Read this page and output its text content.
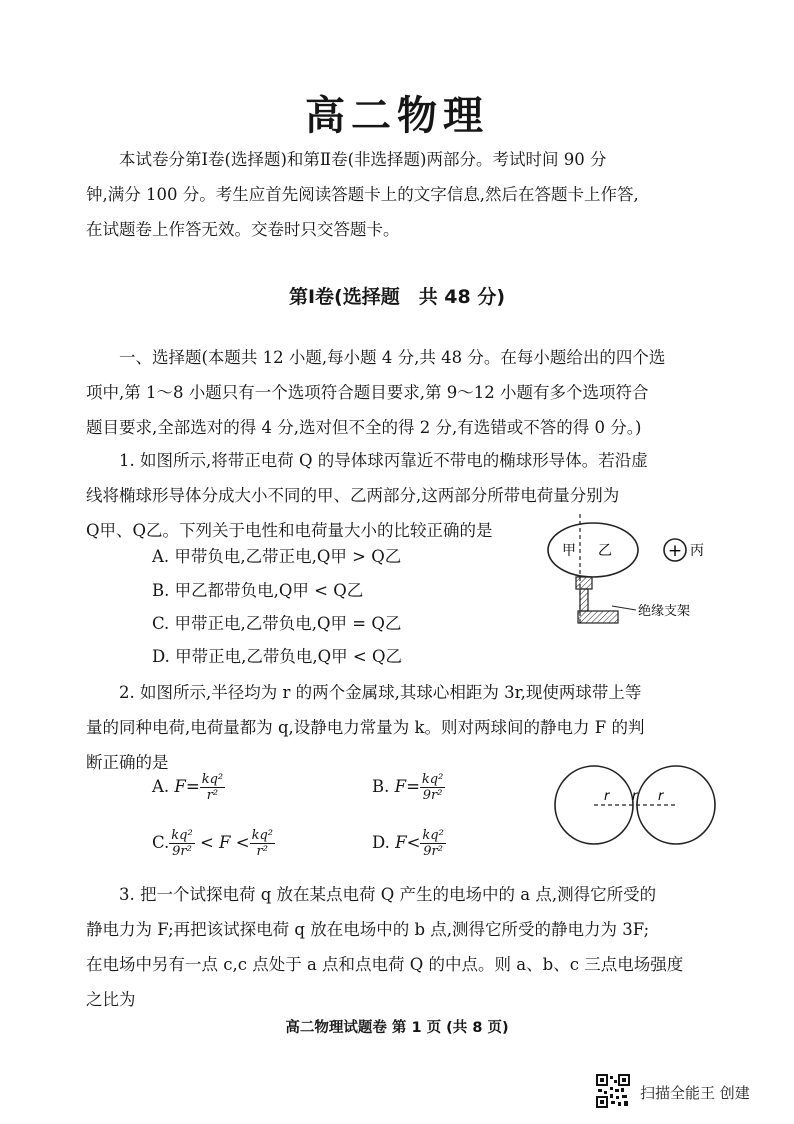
高二物理
本试卷分第Ⅰ卷(选择题)和第Ⅱ卷(非选择题)两部分。考试时间 90 分
钟,满分 100 分。考生应首先阅读答题卡上的文字信息,然后在答题卡上作答,
在试题卷上作答无效。交卷时只交答题卡。
第Ⅰ卷(选择题　共 48 分)
一、选择题(本题共 12 小题,每小题 4 分,共 48 分。在每小题给出的四个选
项中,第 1～8 小题只有一个选项符合题目要求,第 9～12 小题有多个选项符合
题目要求,全部选对的得 4 分,选对但不全的得 2 分,有选错或不答的得 0 分。)
1. 如图所示,将带正电荷 Q 的导体球丙靠近不带电的椭球形导体。若沿虚
线将椭球形导体分成大小不同的甲、乙两部分,这两部分所带电荷量分别为
Q甲、Q乙。下列关于电性和电荷量大小的比较正确的是
A. 甲带负电,乙带正电,Q甲 > Q乙
B. 甲乙都带负电,Q甲 < Q乙
C. 甲带正电,乙带负电,Q甲 = Q乙
D. 甲带正电,乙带负电,Q甲 < Q乙
甲 乙
绝缘支架
+ 丙
2. 如图所示,半径均为 r 的两个金属球,其球心相距为 3r,现使两球带上等
量的同种电荷,电荷量都为 q,设静电力常量为 k。则对两球间的静电力 F 的判
断正确的是
A. $F= \frac{\text{kq²}}{\text{r²}}$	B. $F= \frac{\text{kq²}}{\text{9r²}}$
C. $\frac{\text{kq²}}{\text{9r²}} < F < \frac{\text{kq²}}{\text{r²}}$	D. $F< \frac{\text{kq²}}{\text{9r²}}$
r r r
3. 把一个试探电荷 q 放在某点电荷 Q 产生的电场中的 a 点,测得它所受的
静电力为 F;再把该试探电荷 q 放在电场中的 b 点,测得它所受的静电力为 3F;
在电场中另有一点 c,c 点处于 a 点和点电荷 Q 的中点。则 a、b、c 三点电场强度
之比为
高二物理试题卷 第 1 页 (共 8 页)
扫描全能王 创建
